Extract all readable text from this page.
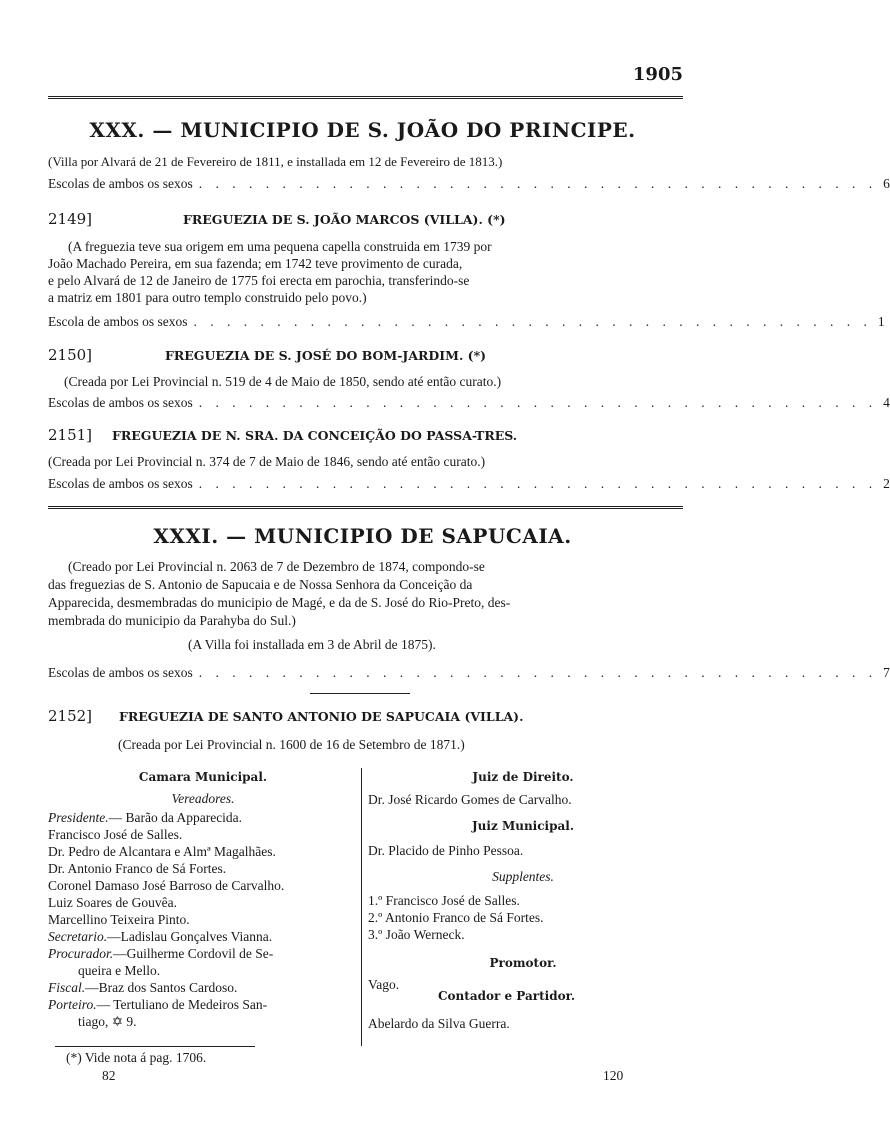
1905
XXX. — MUNICIPIO DE S. JOÃO DO PRINCIPE.
(Villa por Alvará de 21 de Fevereiro de 1811, e installada em 12 de Fevereiro de 1813.)
Escolas de ambos os sexos . . . . . . . . . . . . . . . . . . . . . . . . . . . . . . . . . . . . . . . . . 6
2149]	FREGUEZIA DE S. JOÃO MARCOS (VILLA). (*)
(A freguezia teve sua origem em uma pequena capella construida em 1739 por
João Machado Pereira, em sua fazenda; em 1742 teve provimento de curada,
e pelo Alvará de 12 de Janeiro de 1775 foi erecta em parochia, transferindo-se
a matriz em 1801 para outro templo construido pelo povo.)
Escola de ambos os sexos . . . . . . . . . . . . . . . . . . . . . . . . . . . . . . . . . . . . . . . . . 1
2150]	FREGUEZIA DE S. JOSÉ DO BOM-JARDIM. (*)
(Creada por Lei Provincial n. 519 de 4 de Maio de 1850, sendo até então curato.)
Escolas de ambos os sexos . . . . . . . . . . . . . . . . . . . . . . . . . . . . . . . . . . . . . . . . . 4
2151] FREGUEZIA DE N. SRA. DA CONCEIÇÃO DO PASSA-TRES.
(Creada por Lei Provincial n. 374 de 7 de Maio de 1846, sendo até então curato.)
Escolas de ambos os sexos . . . . . . . . . . . . . . . . . . . . . . . . . . . . . . . . . . . . . . . . . 2
XXXI. — MUNICIPIO DE SAPUCAIA.
(Creado por Lei Provincial n. 2063 de 7 de Dezembro de 1874, compondo-se
das freguezias de S. Antonio de Sapucaia e de Nossa Senhora da Conceição da
Apparecida, desmembradas do municipio de Magé, e da de S. José do Rio-Preto, des-
membrada do municipio da Parahyba do Sul.)
(A Villa foi installada em 3 de Abril de 1875).
Escolas de ambos os sexos . . . . . . . . . . . . . . . . . . . . . . . . . . . . . . . . . . . . . . . . . 7
2152] FREGUEZIA DE SANTO ANTONIO DE SAPUCAIA (VILLA).
(Creada por Lei Provincial n. 1600 de 16 de Setembro de 1871.)
Camara Municipal.
Vereadores.
Presidente.— Barão da Apparecida.
Francisco José de Salles.
Dr. Pedro de Alcantara e Almª Magalhães.
Dr. Antonio Franco de Sá Fortes.
Coronel Damaso José Barroso de Carvalho.
Luiz Soares de Gouvêa.
Marcellino Teixeira Pinto.
Secretario.—Ladislau Gonçalves Vianna.
Procurador.—Guilherme Cordovil de Se-
queira e Mello.
Fiscal.—Braz dos Santos Cardoso.
Porteiro.— Tertuliano de Medeiros San-
tiago, ✡ 9.
Juiz de Direito.
Dr. José Ricardo Gomes de Carvalho.
Juiz Municipal.
Dr. Placido de Pinho Pessoa.
Supplentes.
1.º Francisco José de Salles.
2.º Antonio Franco de Sá Fortes.
3.º João Werneck.
Promotor.
Vago.
Contador e Partidor.
Abelardo da Silva Guerra.
(*) Vide nota á pag. 1706.
82	120
